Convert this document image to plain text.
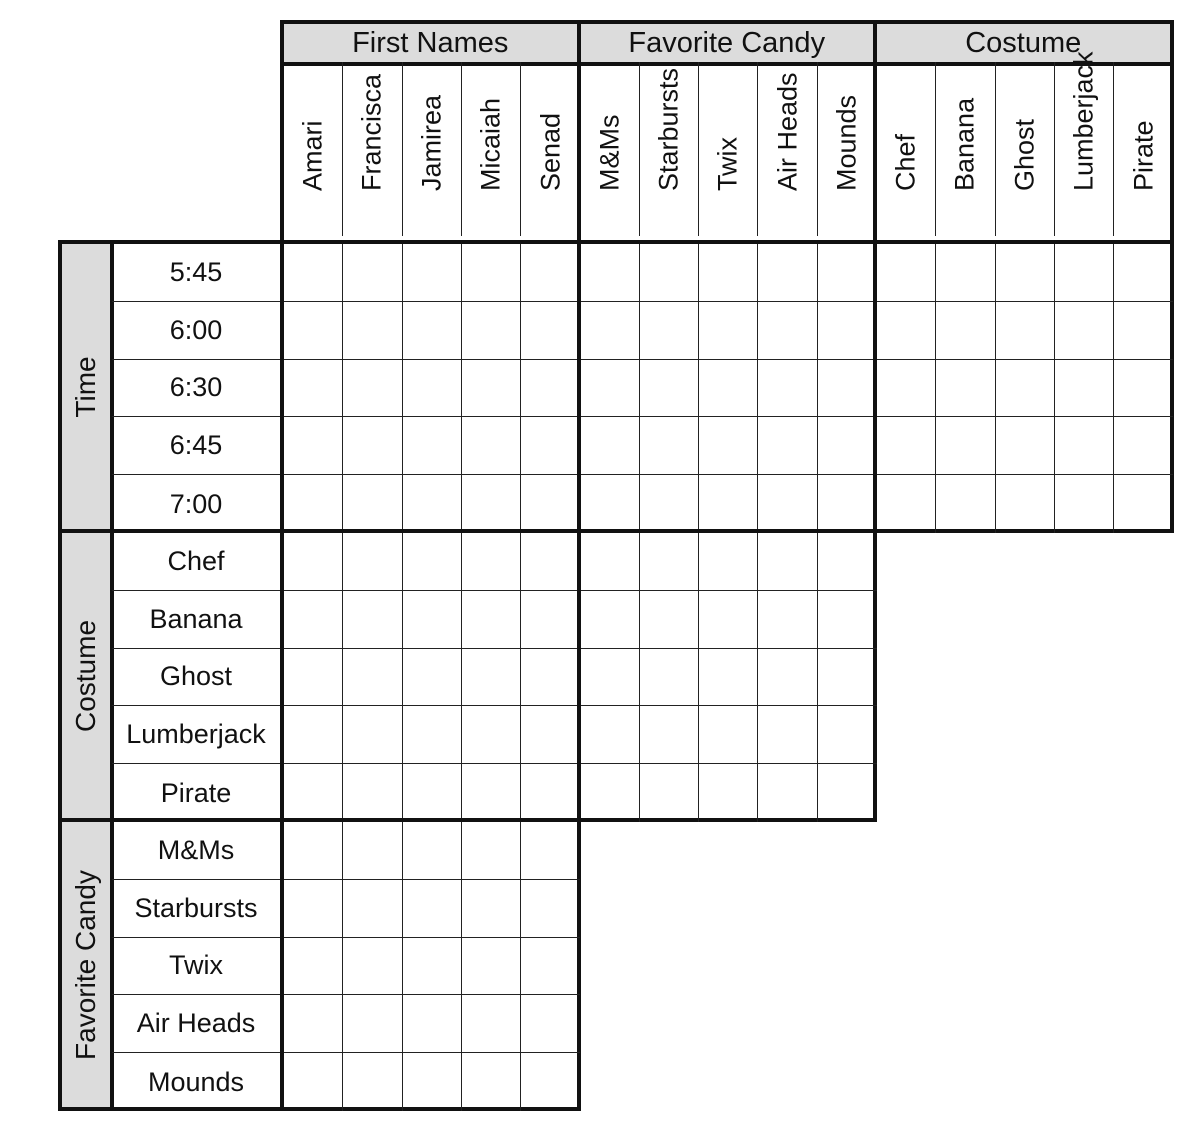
First Names
Amari Francisca Jamirea Micaiah Senad
Favorite Candy
M&Ms Starbursts Twix Air Heads Mounds
Costume
Chef Banana Ghost Lumberjack Pirate
Time
5:45
6:00
6:30
6:45
7:00
Costume
Chef
Banana
Ghost
Lumberjack
Pirate
Favorite Candy
M&Ms
Starbursts
Twix
Air Heads
Mounds
